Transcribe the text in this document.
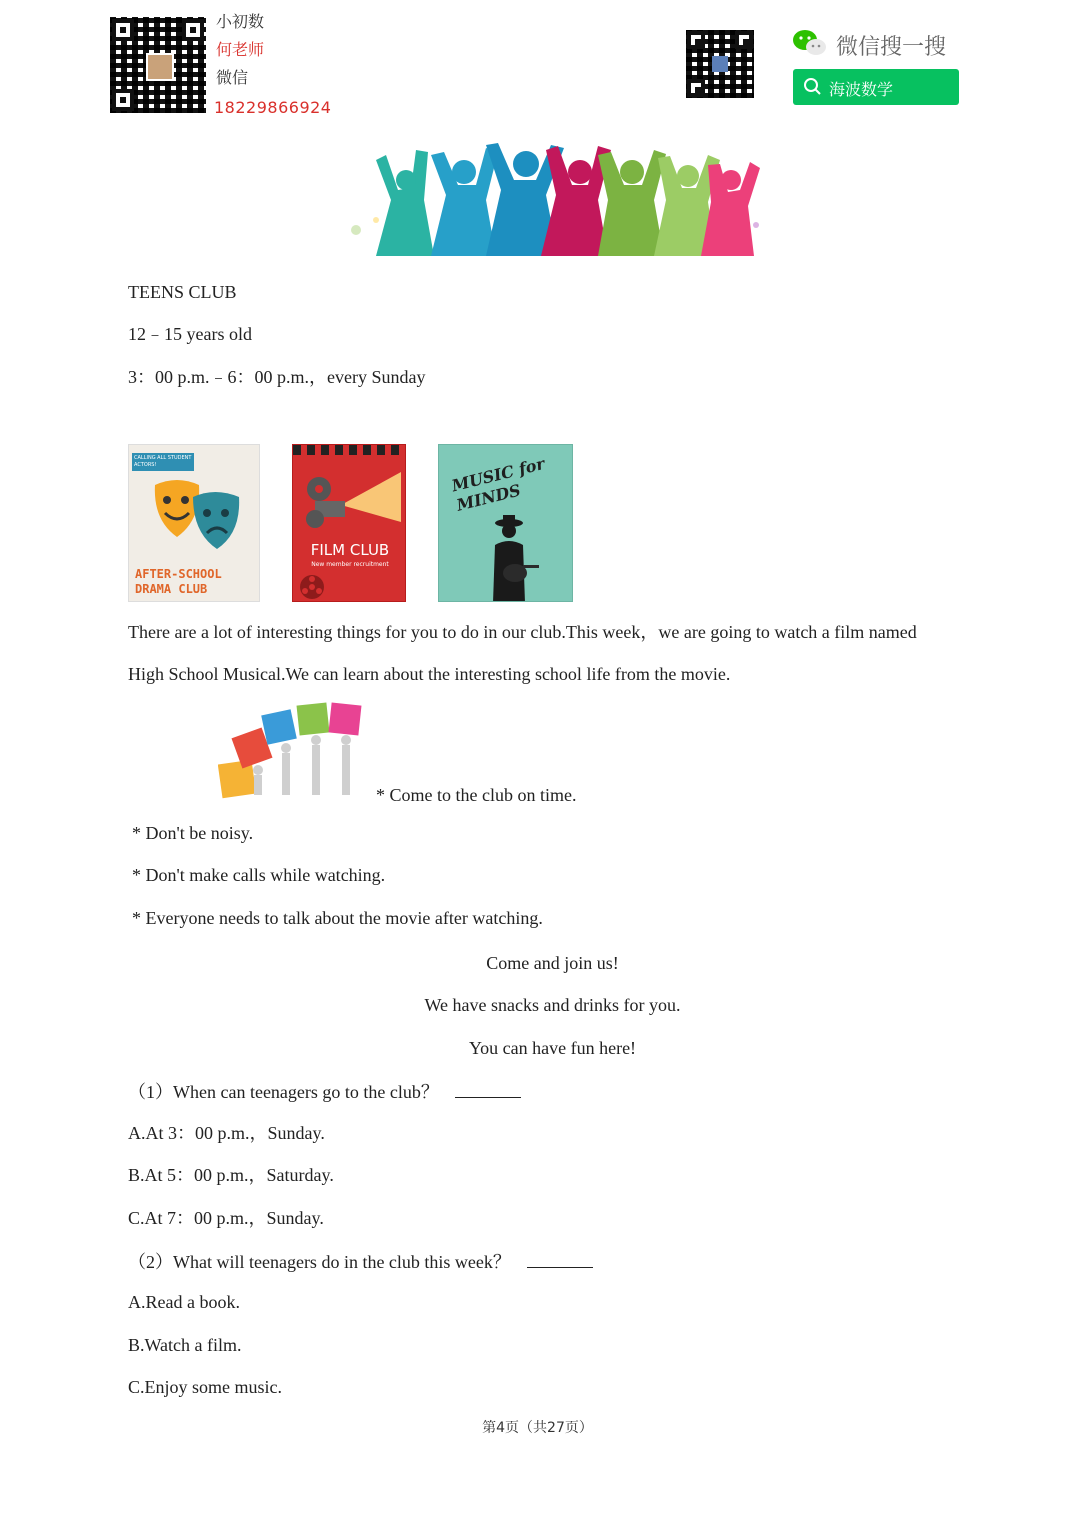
小初数
何老师
微信
18229866924
微信搜一搜
海波数学
TEENS CLUB
12﹣15 years old
3：00 p.m.﹣6：00 p.m.，every Sunday
CALLING ALL STUDENT ACTORS!
AFTER-SCHOOL DRAMA CLUB
FILM CLUB
New member recruitment
MUSIC for MINDS
There are a lot of interesting things for you to do in our club.This week，we are going to watch a film named
High School Musical.We can learn about the interesting school life from the movie.
* Come to the club on time.
* Don't be noisy.
* Don't make calls while watching.
* Everyone needs to talk about the movie after watching.
Come and join us!
We have snacks and drinks for you.
You can have fun here!
（1）When can teenagers go to the club？
A.At 3：00 p.m.，Sunday.
B.At 5：00 p.m.，Saturday.
C.At 7：00 p.m.，Sunday.
（2）What will teenagers do in the club this week？
A.Read a book.
B.Watch a film.
C.Enjoy some music.
第4页（共27页）
